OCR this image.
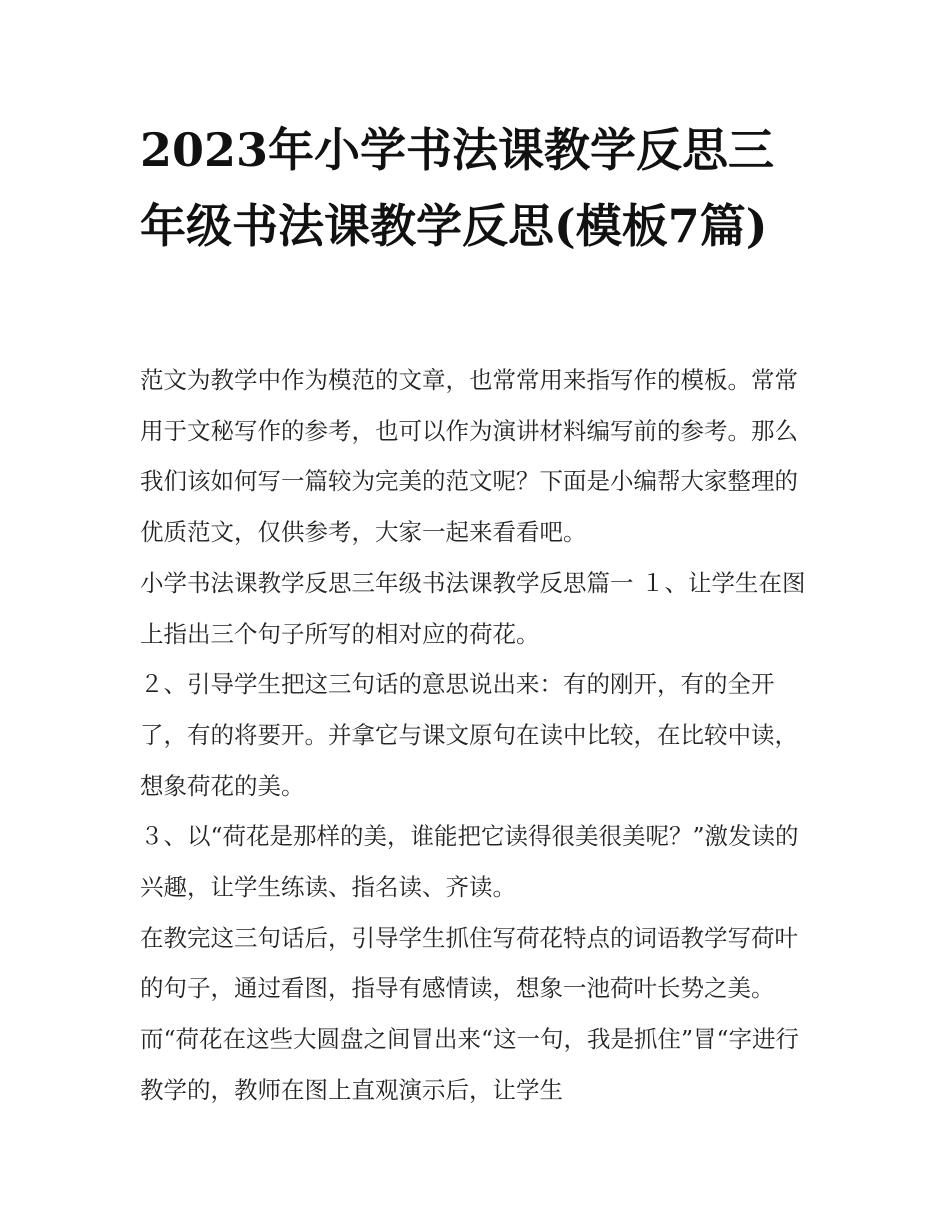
2023年小学书法课教学反思三年级书法课教学反思(模板7篇)

范文为教学中作为模范的文章，也常常用来指写作的模板。常常用于文秘写作的参考，也可以作为演讲材料编写前的参考。那么我们该如何写一篇较为完美的范文呢？下面是小编帮大家整理的优质范文，仅供参考，大家一起来看看吧。

小学书法课教学反思三年级书法课教学反思篇一 １、让学生在图上指出三个句子所写的相对应的荷花。

２、引导学生把这三句话的意思说出来：有的刚开，有的全开了，有的将要开。并拿它与课文原句在读中比较，在比较中读，想象荷花的美。

３、以“荷花是那样的美，谁能把它读得很美很美呢？”激发读的兴趣，让学生练读、指名读、齐读。

在教完这三句话后，引导学生抓住写荷花特点的词语教学写荷叶的句子，通过看图，指导有感情读，想象一池荷叶长势之美。而“荷花在这些大圆盘之间冒出来“这一句，我是抓住”冒“字进行教学的，教师在图上直观演示后，让学生
